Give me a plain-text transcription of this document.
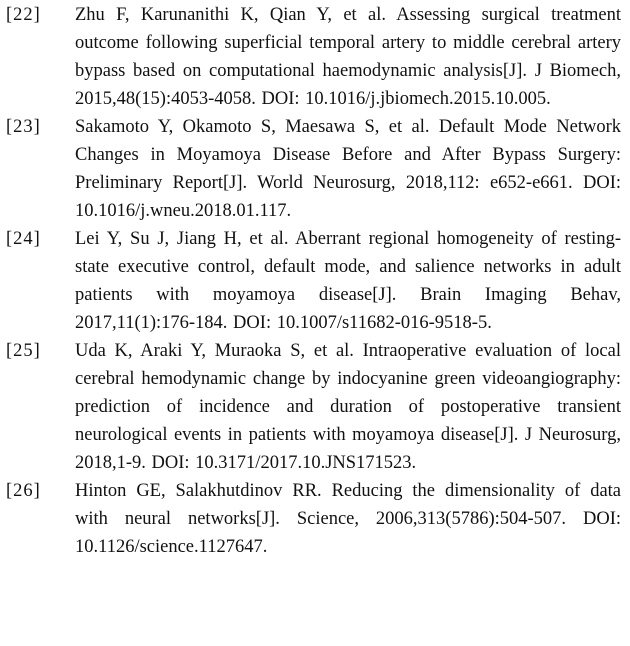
[22]	Zhu F, Karunanithi K, Qian Y, et al. Assessing surgical treatment outcome following superficial temporal artery to middle cerebral artery bypass based on computational haemodynamic analysis[J]. J Biomech, 2015,48(15):4053-4058. DOI: 10.1016/j.jbiomech.2015.10.005.
[23]	Sakamoto Y, Okamoto S, Maesawa S, et al. Default Mode Network Changes in Moyamoya Disease Before and After Bypass Surgery: Preliminary Report[J]. World Neurosurg, 2018,112: e652-e661. DOI: 10.1016/j.wneu.2018.01.117.
[24]	Lei Y, Su J, Jiang H, et al. Aberrant regional homogeneity of resting-state executive control, default mode, and salience networks in adult patients with moyamoya disease[J]. Brain Imaging Behav, 2017,11(1):176-184. DOI: 10.1007/s11682-016-9518-5.
[25]	Uda K, Araki Y, Muraoka S, et al. Intraoperative evaluation of local cerebral hemodynamic change by indocyanine green videoangiography: prediction of incidence and duration of postoperative transient neurological events in patients with moyamoya disease[J]. J Neurosurg, 2018,1-9. DOI: 10.3171/2017.10.JNS171523.
[26]	Hinton GE, Salakhutdinov RR. Reducing the dimensionality of data with neural networks[J]. Science, 2006,313(5786):504-507. DOI: 10.1126/science.1127647.
